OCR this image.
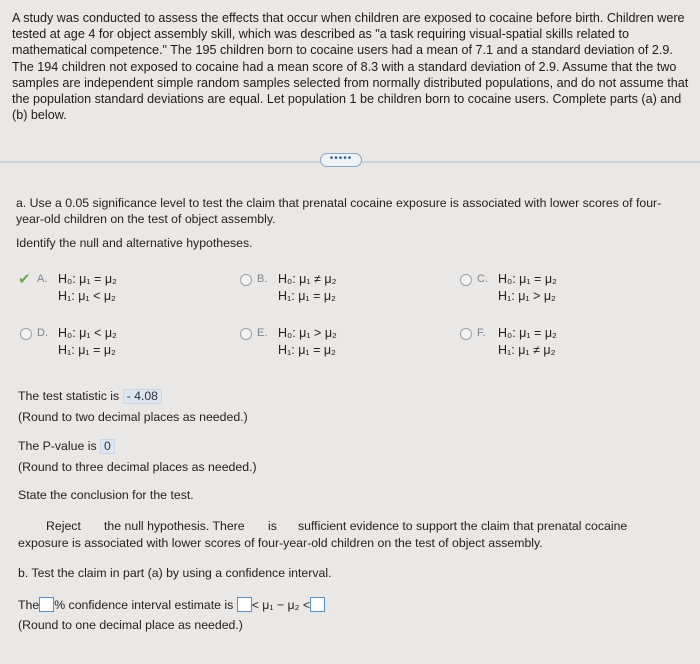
A study was conducted to assess the effects that occur when children are exposed to cocaine before birth. Children were tested at age 4 for object assembly skill, which was described as "a task requiring visual-spatial skills related to mathematical competence." The 195 children born to cocaine users had a mean of 7.1 and a standard deviation of 2.9. The 194 children not exposed to cocaine had a mean score of 8.3 with a standard deviation of 2.9. Assume that the two samples are independent simple random samples selected from normally distributed populations, and do not assume that the population standard deviations are equal. Let population 1 be children born to cocaine users. Complete parts (a) and (b) below.
•••••
a. Use a 0.05 significance level to test the claim that prenatal cocaine exposure is associated with lower scores of four-year-old children on the test of object assembly.
Identify the null and alternative hypotheses.
✔ A. H₀: μ₁ = μ₂
H₁: μ₁ < μ₂
B. H₀: μ₁ ≠ μ₂
H₁: μ₁ = μ₂
C. H₀: μ₁ = μ₂
H₁: μ₁ > μ₂
D. H₀: μ₁ < μ₂
H₁: μ₁ = μ₂
E. H₀: μ₁ > μ₂
H₁: μ₁ = μ₂
F. H₀: μ₁ = μ₂
H₁: μ₁ ≠ μ₂
The test statistic is - 4.08
(Round to two decimal places as needed.)
The P-value is 0
(Round to three decimal places as needed.)
State the conclusion for the test.
Reject the null hypothesis. There is sufficient evidence to support the claim that prenatal cocaine
exposure is associated with lower scores of four-year-old children on the test of object assembly.
b. Test the claim in part (a) by using a confidence interval.
The % confidence interval estimate is < μ₁ − μ₂ <
(Round to one decimal place as needed.)
